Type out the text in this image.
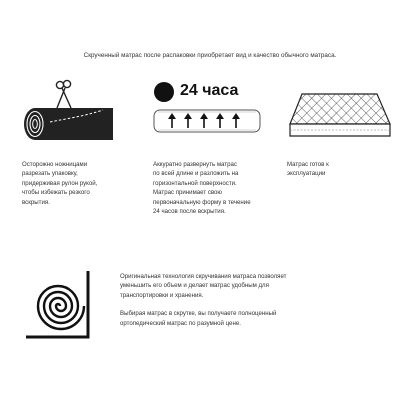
Скрученный матрас после распаковки приобретает вид и качество обычного матраса.

Осторожно ножницами

разрезать упаковку,

придерживая рулон рукой,

чтобы избежать резкого

вскрытия.

24 часа

Аккуратно развернуть матрас

по всей длине и разложить на

горизонтальной поверхности.

Матрас принимает свою

первоначальную форму в течение

24 часов после вскрытия.

Матрас готов к

эксплуатации

Оригинальная технология скручивания матраса позволяет

уменьшить его объем и делает матрас удобным для

транспортировки и хранения.

Выбирая матрас в скрутке, вы получаете полноценный

ортопедический матрас по разумной цене.
